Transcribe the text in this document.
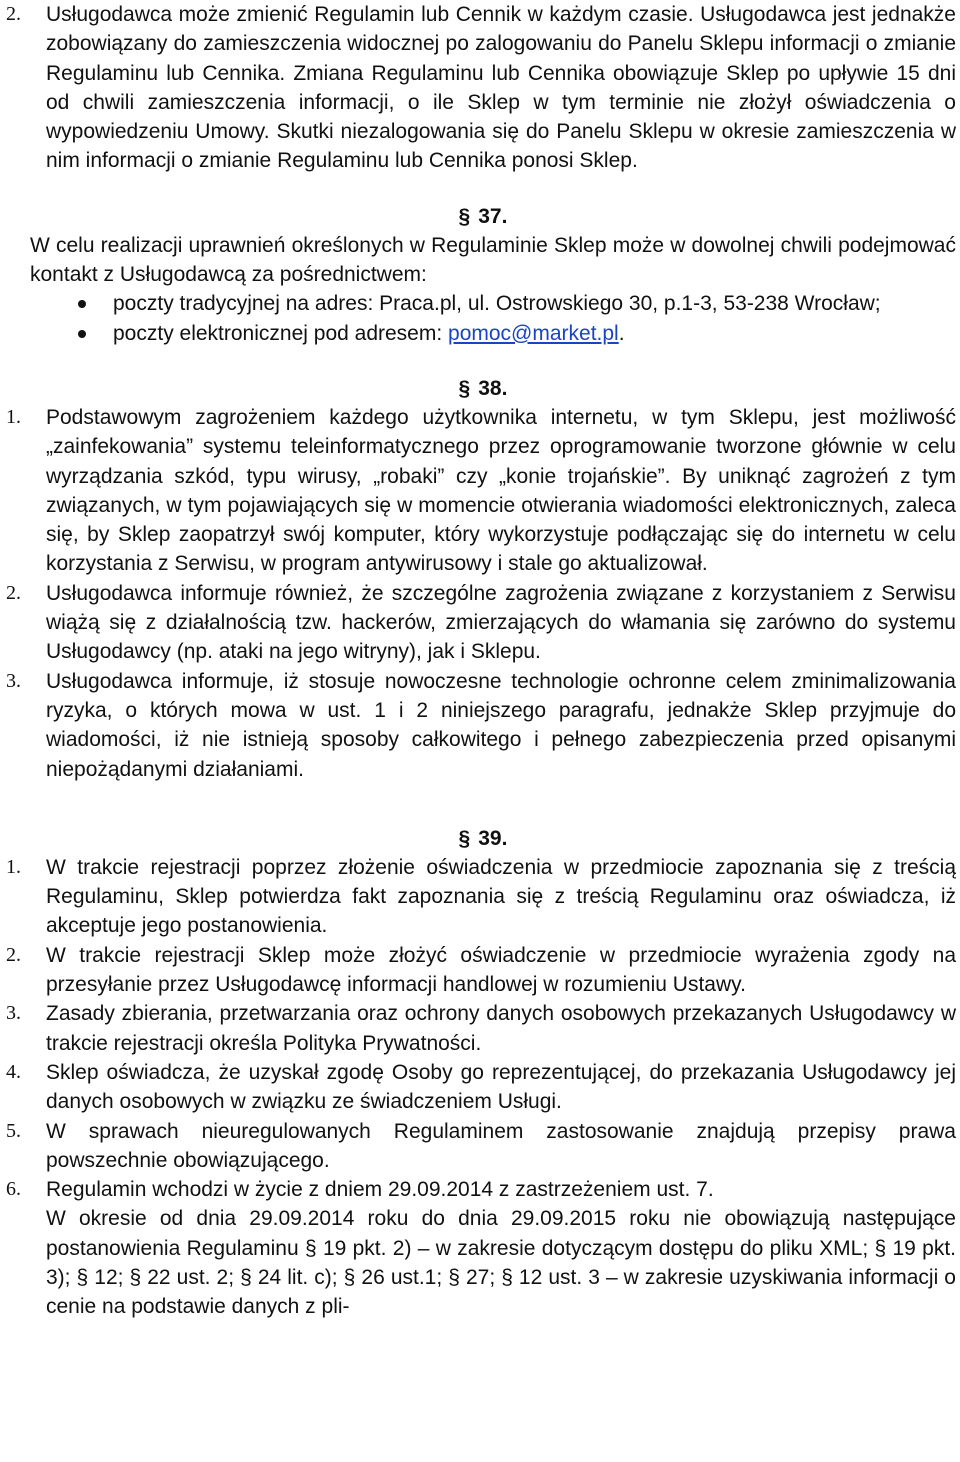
2. Usługodawca może zmienić Regulamin lub Cennik w każdym czasie. Usługodawca jest jednakże zobowiązany do zamieszczenia widocznej po zalogowaniu do Panelu Sklepu informacji o zmianie Regulaminu lub Cennika. Zmiana Regulaminu lub Cennika obowiązuje Sklep po upływie 15 dni od chwili zamieszczenia informacji, o ile Sklep w tym terminie nie złożył oświadczenia o wypowiedzeniu Umowy. Skutki niezalogowania się do Panelu Sklepu w okresie zamieszczenia w nim informacji o zmianie Regulaminu lub Cennika ponosi Sklep.
§ 37.
W celu realizacji uprawnień określonych w Regulaminie Sklep może w dowolnej chwili podejmować kontakt z Usługodawcą za pośrednictwem:
poczty tradycyjnej na adres: Praca.pl, ul. Ostrowskiego 30, p.1-3, 53-238 Wrocław;
poczty elektronicznej pod adresem: pomoc@market.pl.
§ 38.
1. Podstawowym zagrożeniem każdego użytkownika internetu, w tym Sklepu, jest możliwość „zainfekowania” systemu teleinformatycznego przez oprogramowanie tworzone głównie w celu wyrządzania szkód, typu wirusy, „robaki” czy „konie trojańskie”. By uniknąć zagrożeń z tym związanych, w tym pojawiających się w momencie otwierania wiadomości elektronicznych, zaleca się, by Sklep zaopatrzył swój komputer, który wykorzystuje podłączając się do internetu w celu korzystania z Serwisu, w program antywirusowy i stale go aktualizował.
2. Usługodawca informuje również, że szczególne zagrożenia związane z korzystaniem z Serwisu wiążą się z działalnością tzw. hackerów, zmierzających do włamania się zarówno do systemu Usługodawcy (np. ataki na jego witryny), jak i Sklepu.
3. Usługodawca informuje, iż stosuje nowoczesne technologie ochronne celem zminimalizowania ryzyka, o których mowa w ust. 1 i 2 niniejszego paragrafu, jednakże Sklep przyjmuje do wiadomości, iż nie istnieją sposoby całkowitego i pełnego zabezpieczenia przed opisanymi niepożądanymi działaniami.
§ 39.
1. W trakcie rejestracji poprzez złożenie oświadczenia w przedmiocie zapoznania się z treścią Regulaminu, Sklep potwierdza fakt zapoznania się z treścią Regulaminu oraz oświadcza, iż akceptuje jego postanowienia.
2. W trakcie rejestracji Sklep może złożyć oświadczenie w przedmiocie wyrażenia zgody na przesyłanie przez Usługodawcę informacji handlowej w rozumieniu Ustawy.
3. Zasady zbierania, przetwarzania oraz ochrony danych osobowych przekazanych Usługodawcy w trakcie rejestracji określa Polityka Prywatności.
4. Sklep oświadcza, że uzyskał zgodę Osoby go reprezentującej, do przekazania Usługodawcy jej danych osobowych w związku ze świadczeniem Usługi.
5. W sprawach nieuregulowanych Regulaminem zastosowanie znajdują przepisy prawa powszechnie obowiązującego.
6. Regulamin wchodzi w życie z dniem 29.09.2014 z zastrzeżeniem ust. 7.
W okresie od dnia 29.09.2014 roku do dnia 29.09.2015 roku nie obowiązują następujące postanowienia Regulaminu § 19 pkt. 2) – w zakresie dotyczącym dostępu do pliku XML; § 19 pkt. 3); § 12; § 22 ust. 2; § 24 lit. c); § 26 ust.1; § 27; § 12 ust. 3 – w zakresie uzyskiwania informacji o cenie na podstawie danych z pli-
